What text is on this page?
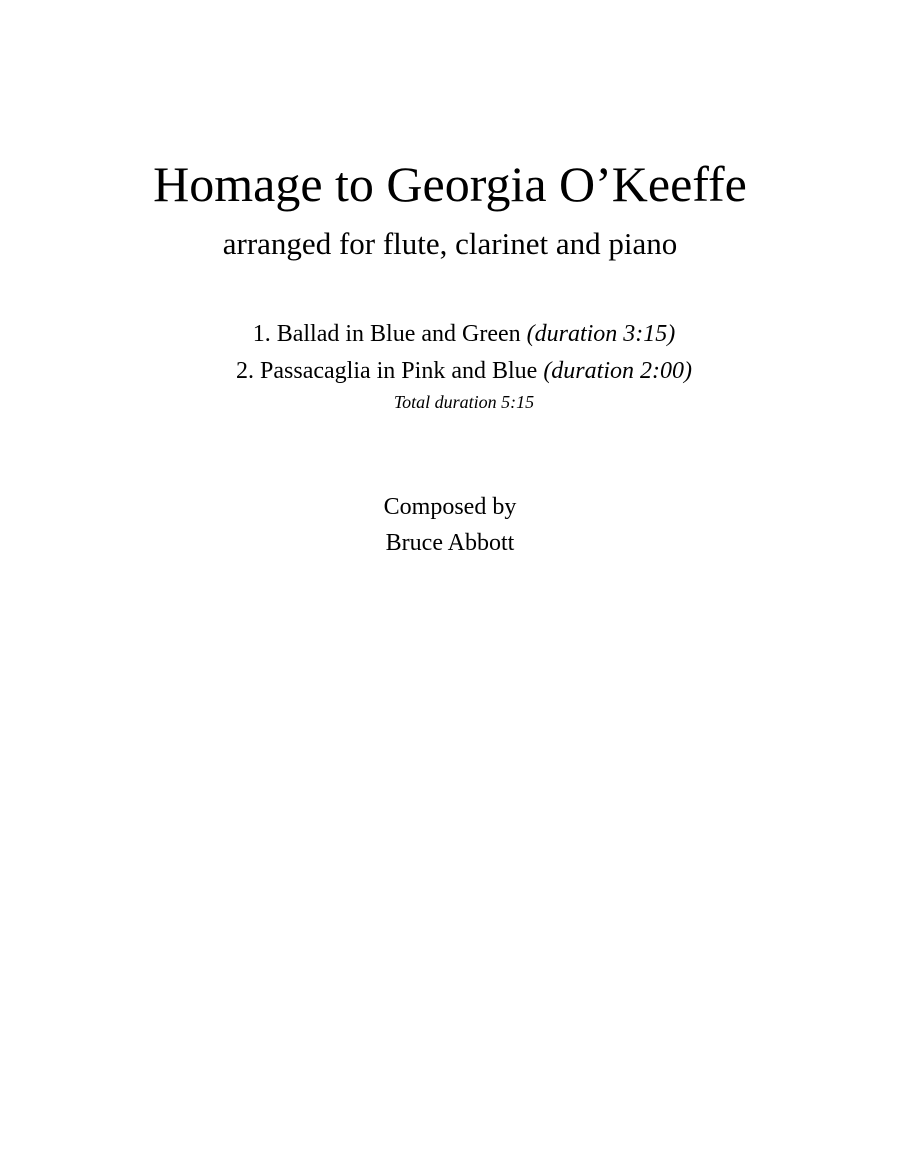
Homage to Georgia O’Keeffe
arranged for flute, clarinet and piano
1. Ballad in Blue and Green (duration 3:15)
2. Passacaglia in Pink and Blue (duration 2:00)
Total duration 5:15
Composed by
Bruce Abbott
